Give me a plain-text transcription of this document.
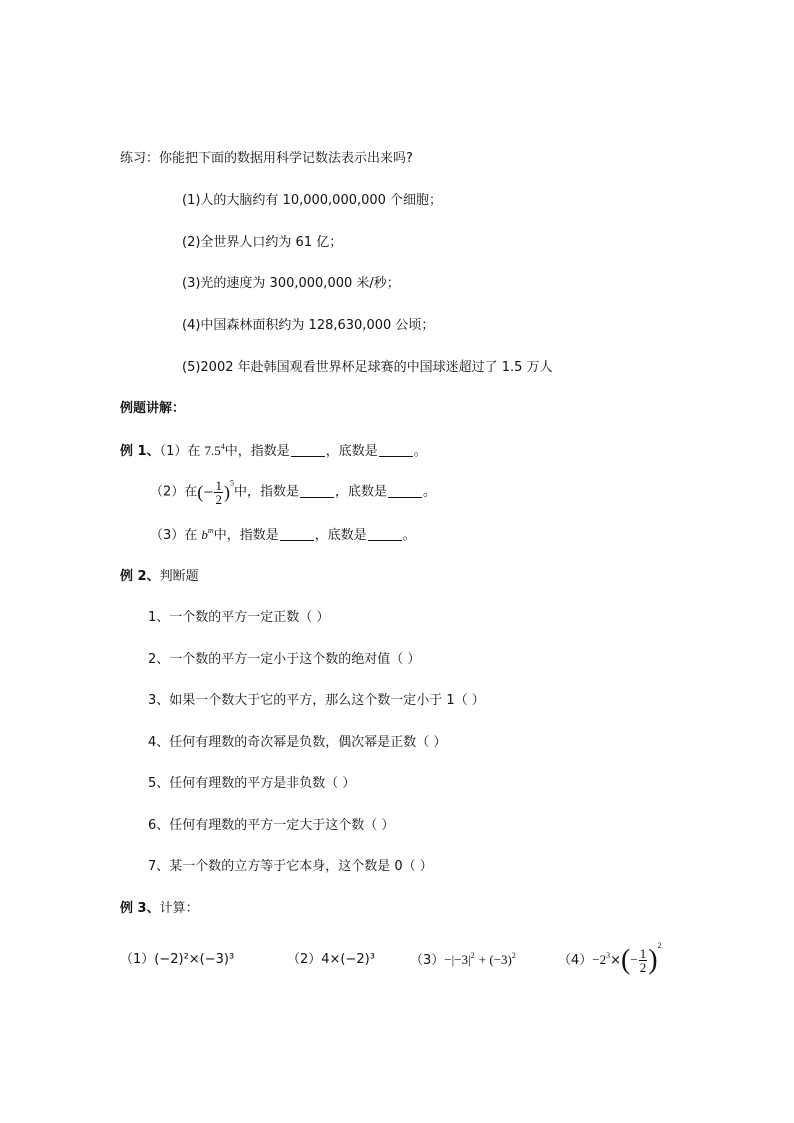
练习：你能把下面的数据用科学记数法表示出来吗?
(1)人的大脑约有 10,000,000,000 个细胞；
(2)全世界人口约为 61 亿；
(3)光的速度为 300,000,000 米/秒；
(4)中国森林面积约为 128,630,000 公顷；
(5)2002 年赴韩国观看世界杯足球赛的中国球迷超过了 1.5 万人
例题讲解：
例 1、（1）在 $7.5^4$中，指数是	，底数是	。
（2）在(− $\frac{1}{2} )^5$中，指数是	，底数是	。
（3）在 $b^m$中，指数是	，底数是	。
例 2、判断题
1、一个数的平方一定正数（ ）
2、一个数的平方一定小于这个数的绝对值（ ）
3、如果一个数大于它的平方，那么这个数一定小于 1（ ）
4、任何有理数的奇次幂是负数，偶次幂是正数（ ）
5、任何有理数的平方是非负数（ ）
6、任何有理数的平方一定大于这个数（ ）
7、某一个数的立方等于它本身，这个数是 0（ ）
例 3、计算：
（1）(−2)²×(−3)³	（2）4×(−2)³	$(3)-|-3|^2 + (-3)^2$	$(4)-2^3\times(- \frac{1}{2} )^2$
